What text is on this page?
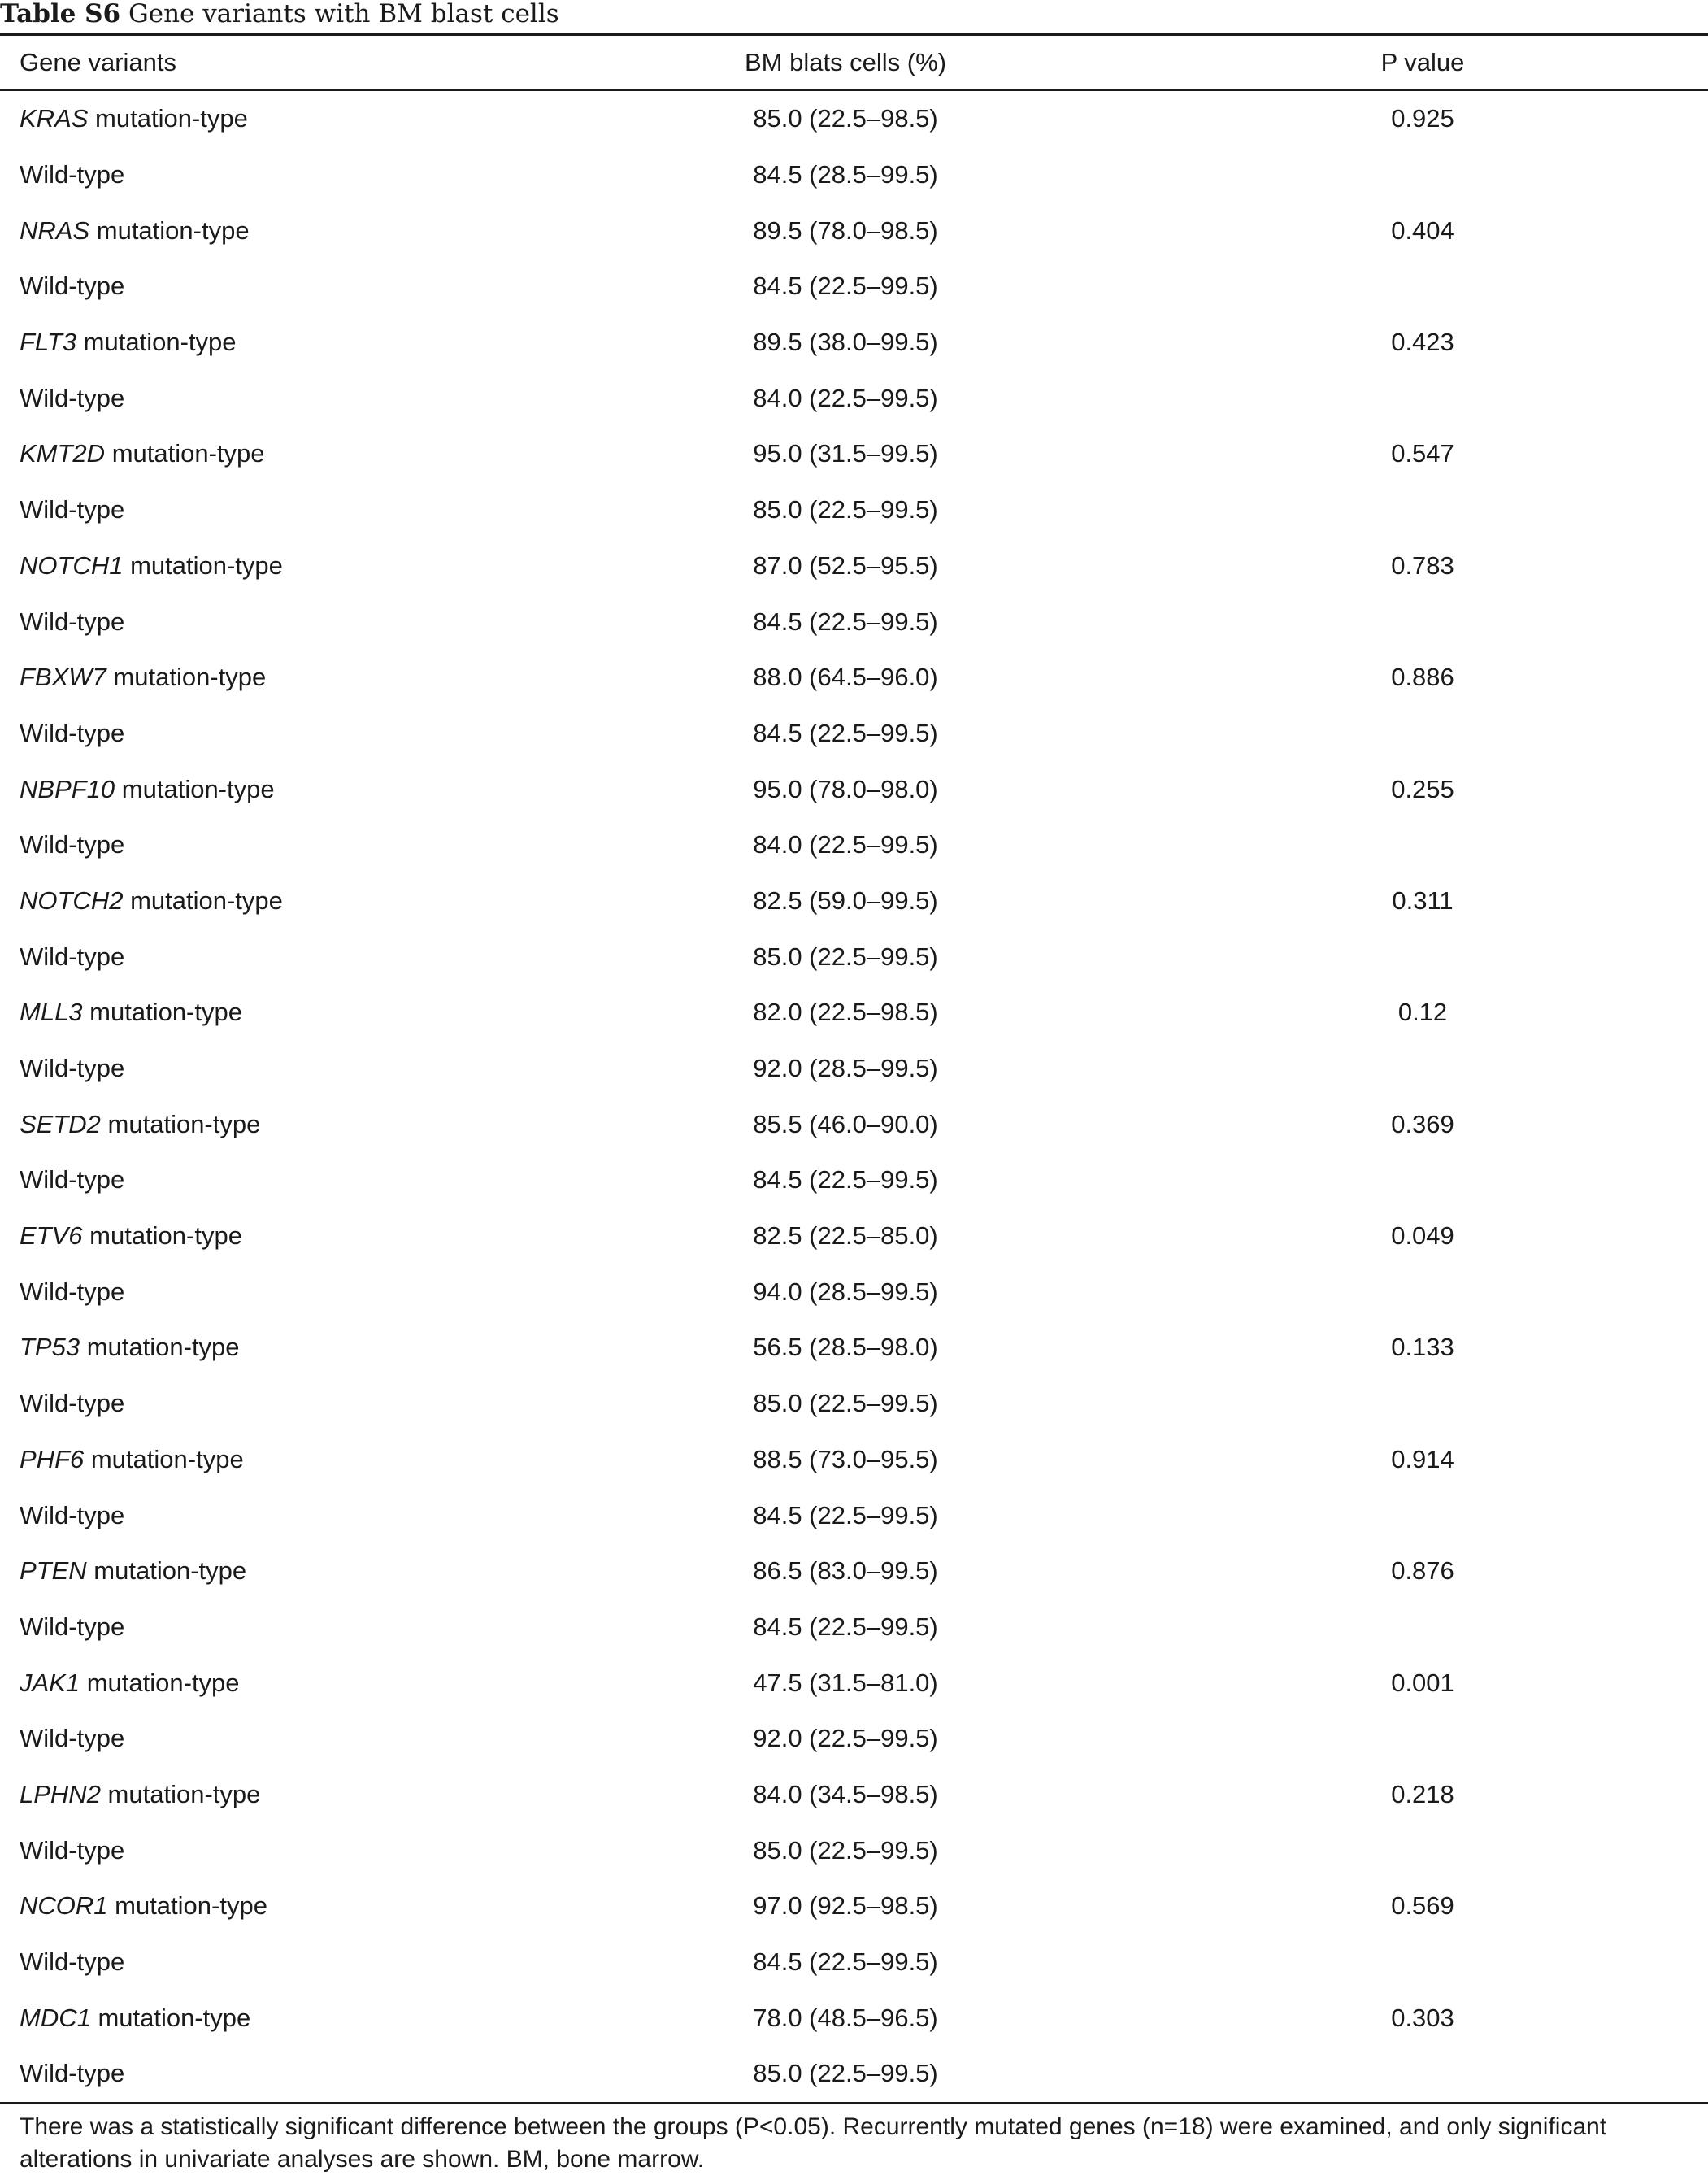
Table S6 Gene variants with BM blast cells
Gene variants	BM blats cells (%)	P value
KRAS mutation-type	85.0 (22.5–98.5)	0.925
Wild-type	84.5 (28.5–99.5)
NRAS mutation-type	89.5 (78.0–98.5)	0.404
Wild-type	84.5 (22.5–99.5)
FLT3 mutation-type	89.5 (38.0–99.5)	0.423
Wild-type	84.0 (22.5–99.5)
KMT2D mutation-type	95.0 (31.5–99.5)	0.547
Wild-type	85.0 (22.5–99.5)
NOTCH1 mutation-type	87.0 (52.5–95.5)	0.783
Wild-type	84.5 (22.5–99.5)
FBXW7 mutation-type	88.0 (64.5–96.0)	0.886
Wild-type	84.5 (22.5–99.5)
NBPF10 mutation-type	95.0 (78.0–98.0)	0.255
Wild-type	84.0 (22.5–99.5)
NOTCH2 mutation-type	82.5 (59.0–99.5)	0.311
Wild-type	85.0 (22.5–99.5)
MLL3 mutation-type	82.0 (22.5–98.5)	0.12
Wild-type	92.0 (28.5–99.5)
SETD2 mutation-type	85.5 (46.0–90.0)	0.369
Wild-type	84.5 (22.5–99.5)
ETV6 mutation-type	82.5 (22.5–85.0)	0.049
Wild-type	94.0 (28.5–99.5)
TP53 mutation-type	56.5 (28.5–98.0)	0.133
Wild-type	85.0 (22.5–99.5)
PHF6 mutation-type	88.5 (73.0–95.5)	0.914
Wild-type	84.5 (22.5–99.5)
PTEN mutation-type	86.5 (83.0–99.5)	0.876
Wild-type	84.5 (22.5–99.5)
JAK1 mutation-type	47.5 (31.5–81.0)	0.001
Wild-type	92.0 (22.5–99.5)
LPHN2 mutation-type	84.0 (34.5–98.5)	0.218
Wild-type	85.0 (22.5–99.5)
NCOR1 mutation-type	97.0 (92.5–98.5)	0.569
Wild-type	84.5 (22.5–99.5)
MDC1 mutation-type	78.0 (48.5–96.5)	0.303
Wild-type	85.0 (22.5–99.5)
There was a statistically significant difference between the groups (P<0.05). Recurrently mutated genes (n=18) were examined, and only significant alterations in univariate analyses are shown. BM, bone marrow.
